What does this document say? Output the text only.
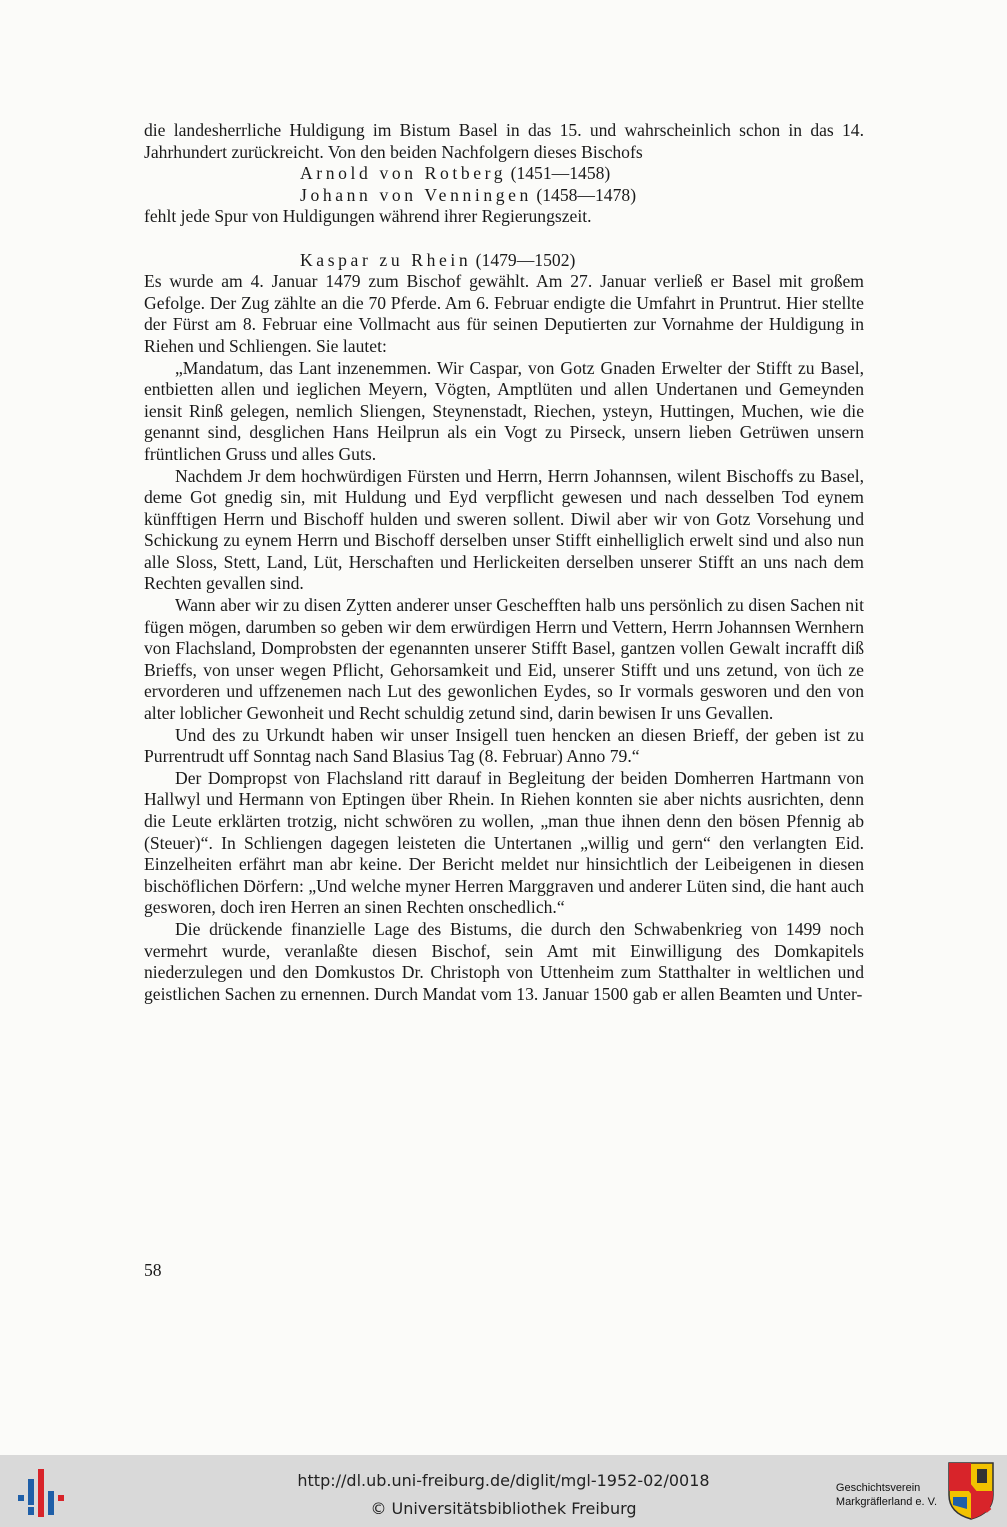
die landesherrliche Huldigung im Bistum Basel in das 15. und wahrscheinlich schon in das 14. Jahrhundert zurückreicht. Von den beiden Nachfolgern dieses Bischofs

Arnold von Rotberg (1451—1458)

Johann von Venningen (1458—1478)

fehlt jede Spur von Huldigungen während ihrer Regierungszeit.

Kaspar zu Rhein (1479—1502)

Es wurde am 4. Januar 1479 zum Bischof gewählt. Am 27. Januar verließ er Basel mit großem Gefolge. Der Zug zählte an die 70 Pferde. Am 6. Februar endigte die Umfahrt in Pruntrut. Hier stellte der Fürst am 8. Februar eine Vollmacht aus für seinen Deputierten zur Vornahme der Huldigung in Riehen und Schliengen. Sie lautet:

„Mandatum, das Lant inzenemmen. Wir Caspar, von Gotz Gnaden Erwelter der Stifft zu Basel, entbietten allen und ieglichen Meyern, Vögten, Amptlüten und allen Undertanen und Gemeynden iensit Rinß gelegen, nemlich Sliengen, Steynenstadt, Riechen, ysteyn, Huttingen, Muchen, wie die genannt sind, desglichen Hans Heilprun als ein Vogt zu Pirseck, unsern lieben Getrüwen unsern früntlichen Gruss und alles Guts.

Nachdem Jr dem hochwürdigen Fürsten und Herrn, Herrn Johannsen, wilent Bischoffs zu Basel, deme Got gnedig sin, mit Huldung und Eyd verpflicht gewesen und nach desselben Tod eynem künfftigen Herrn und Bischoff hulden und sweren sollent. Diwil aber wir von Gotz Vorsehung und Schickung zu eynem Herrn und Bischoff derselben unser Stifft einhelliglich erwelt sind und also nun alle Sloss, Stett, Land, Lüt, Herschaften und Herlickeiten derselben unserer Stifft an uns nach dem Rechten gevallen sind.

Wann aber wir zu disen Zytten anderer unser Geschefften halb uns persönlich zu disen Sachen nit fügen mögen, darumben so geben wir dem erwürdigen Herrn und Vettern, Herrn Johannsen Wernhern von Flachsland, Domprobsten der egenannten unserer Stifft Basel, gantzen vollen Gewalt incrafft diß Brieffs, von unser wegen Pflicht, Gehorsamkeit und Eid, unserer Stifft und uns zetund, von üch ze ervorderen und uffzenemen nach Lut des gewonlichen Eydes, so Ir vormals gesworen und den von alter loblicher Gewonheit und Recht schuldig zetund sind, darin bewisen Ir uns Gevallen.

Und des zu Urkundt haben wir unser Insigell tuen hencken an diesen Brieff, der geben ist zu Purrentrudt uff Sonntag nach Sand Blasius Tag (8. Februar) Anno 79.“

Der Dompropst von Flachsland ritt darauf in Begleitung der beiden Domherren Hartmann von Hallwyl und Hermann von Eptingen über Rhein. In Riehen konnten sie aber nichts ausrichten, denn die Leute erklärten trotzig, nicht schwören zu wollen, „man thue ihnen denn den bösen Pfennig ab (Steuer)“. In Schliengen dagegen leisteten die Untertanen „willig und gern“ den verlangten Eid. Einzelheiten erfährt man abr keine. Der Bericht meldet nur hinsichtlich der Leibeigenen in diesen bischöflichen Dörfern: „Und welche myner Herren Marggraven und anderer Lüten sind, die hant auch gesworen, doch iren Herren an sinen Rechten onschedlich.“

Die drückende finanzielle Lage des Bistums, die durch den Schwabenkrieg von 1499 noch vermehrt wurde, veranlaßte diesen Bischof, sein Amt mit Einwilligung des Domkapitels niederzulegen und den Domkustos Dr. Christoph von Uttenheim zum Statthalter in weltlichen und geistlichen Sachen zu ernennen. Durch Mandat vom 13. Januar 1500 gab er allen Beamten und Unter-

58
http://dl.ub.uni-freiburg.de/diglit/mgl-1952-02/0018
© Universitätsbibliothek Freiburg
Geschichtsverein
Markgräflerland e. V.
